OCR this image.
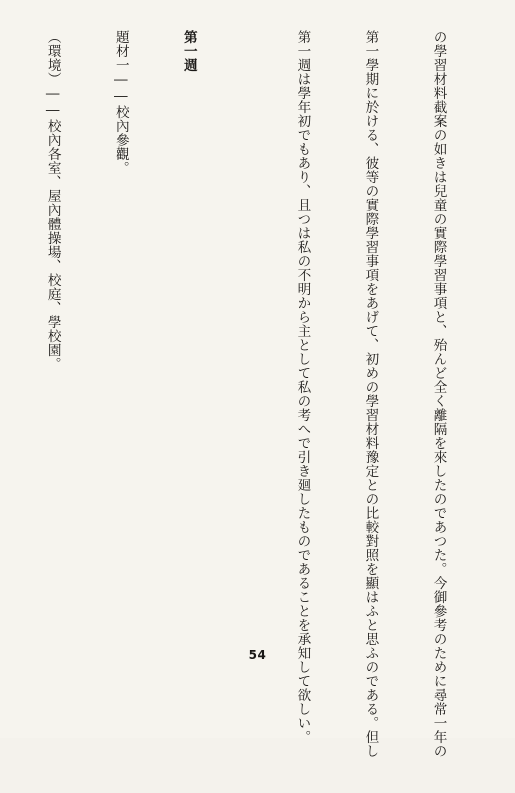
の學習材料截案の如きは兒童の實際學習事項と、殆んど全く離隔を來したのであつた。今御參考のために尋常一年の

第一學期に於ける、彼等の實際學習事項をあげて、初めの學習材料豫定との比較對照を顯はふと思ふのである。但し

第一週は學年初でもあり、且つは私の不明から主として私の考へで引き廻したものであることを承知して欲しい。

第一週

題材一――校內參觀。

（環境）――校內各室、屋內體操場、校庭、學校園。

54
